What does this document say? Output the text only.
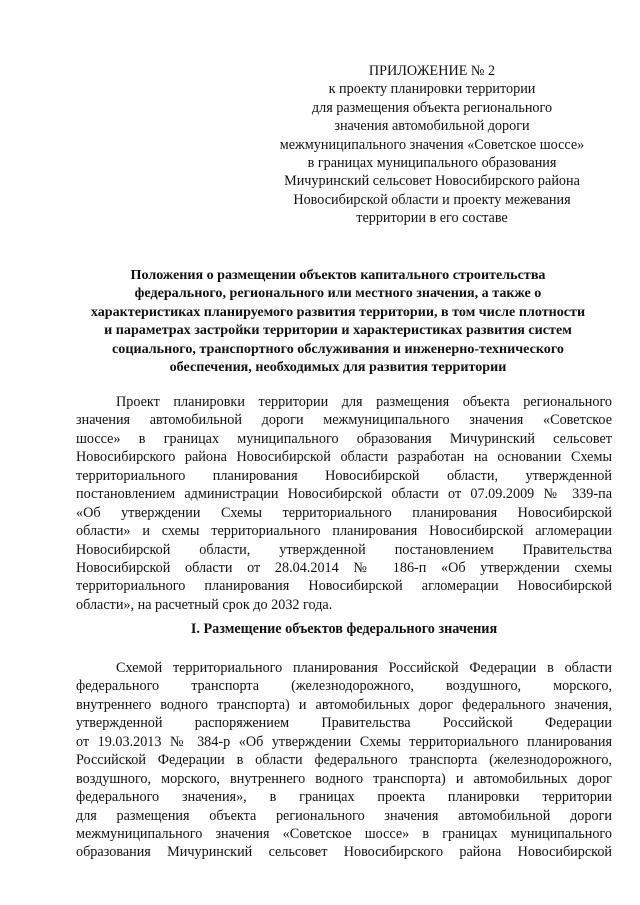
ПРИЛОЖЕНИЕ № 2
к проекту планировки территории
для размещения объекта регионального
значения автомобильной дороги
межмуниципального значения «Советское шоссе»
в границах муниципального образования
Мичуринский сельсовет Новосибирского района
Новосибирской области и проекту межевания
территории в его составе
Положения о размещении объектов капитального строительства
федерального, регионального или местного значения, а также о
характеристиках планируемого развития территории, в том числе плотности
и параметрах застройки территории и характеристиках развития систем
социального, транспортного обслуживания и инженерно-технического
обеспечения, необходимых для развития территории
Проект планировки территории для размещения объекта регионального
значения автомобильной дороги межмуниципального значения «Советское
шоссе» в границах муниципального образования Мичуринский сельсовет
Новосибирского района Новосибирской области разработан на основании Схемы
территориального планирования Новосибирской области, утвержденной
постановлением администрации Новосибирской области от 07.09.2009 № 339-па
«Об утверждении Схемы территориального планирования Новосибирской
области» и схемы территориального планирования Новосибирской агломерации
Новосибирской области, утвержденной постановлением Правительства
Новосибирской области от 28.04.2014 № 186-п «Об утверждении схемы
территориального планирования Новосибирской агломерации Новосибирской
области», на расчетный срок до 2032 года.
I. Размещение объектов федерального значения
Схемой территориального планирования Российской Федерации в области
федерального транспорта (железнодорожного, воздушного, морского,
внутреннего водного транспорта) и автомобильных дорог федерального значения,
утвержденной распоряжением Правительства Российской Федерации
от 19.03.2013 № 384-р «Об утверждении Схемы территориального планирования
Российской Федерации в области федерального транспорта (железнодорожного,
воздушного, морского, внутреннего водного транспорта) и автомобильных дорог
федерального значения», в границах проекта планировки территории
для размещения объекта регионального значения автомобильной дороги
межмуниципального значения «Советское шоссе» в границах муниципального
образования Мичуринский сельсовет Новосибирского района Новосибирской
